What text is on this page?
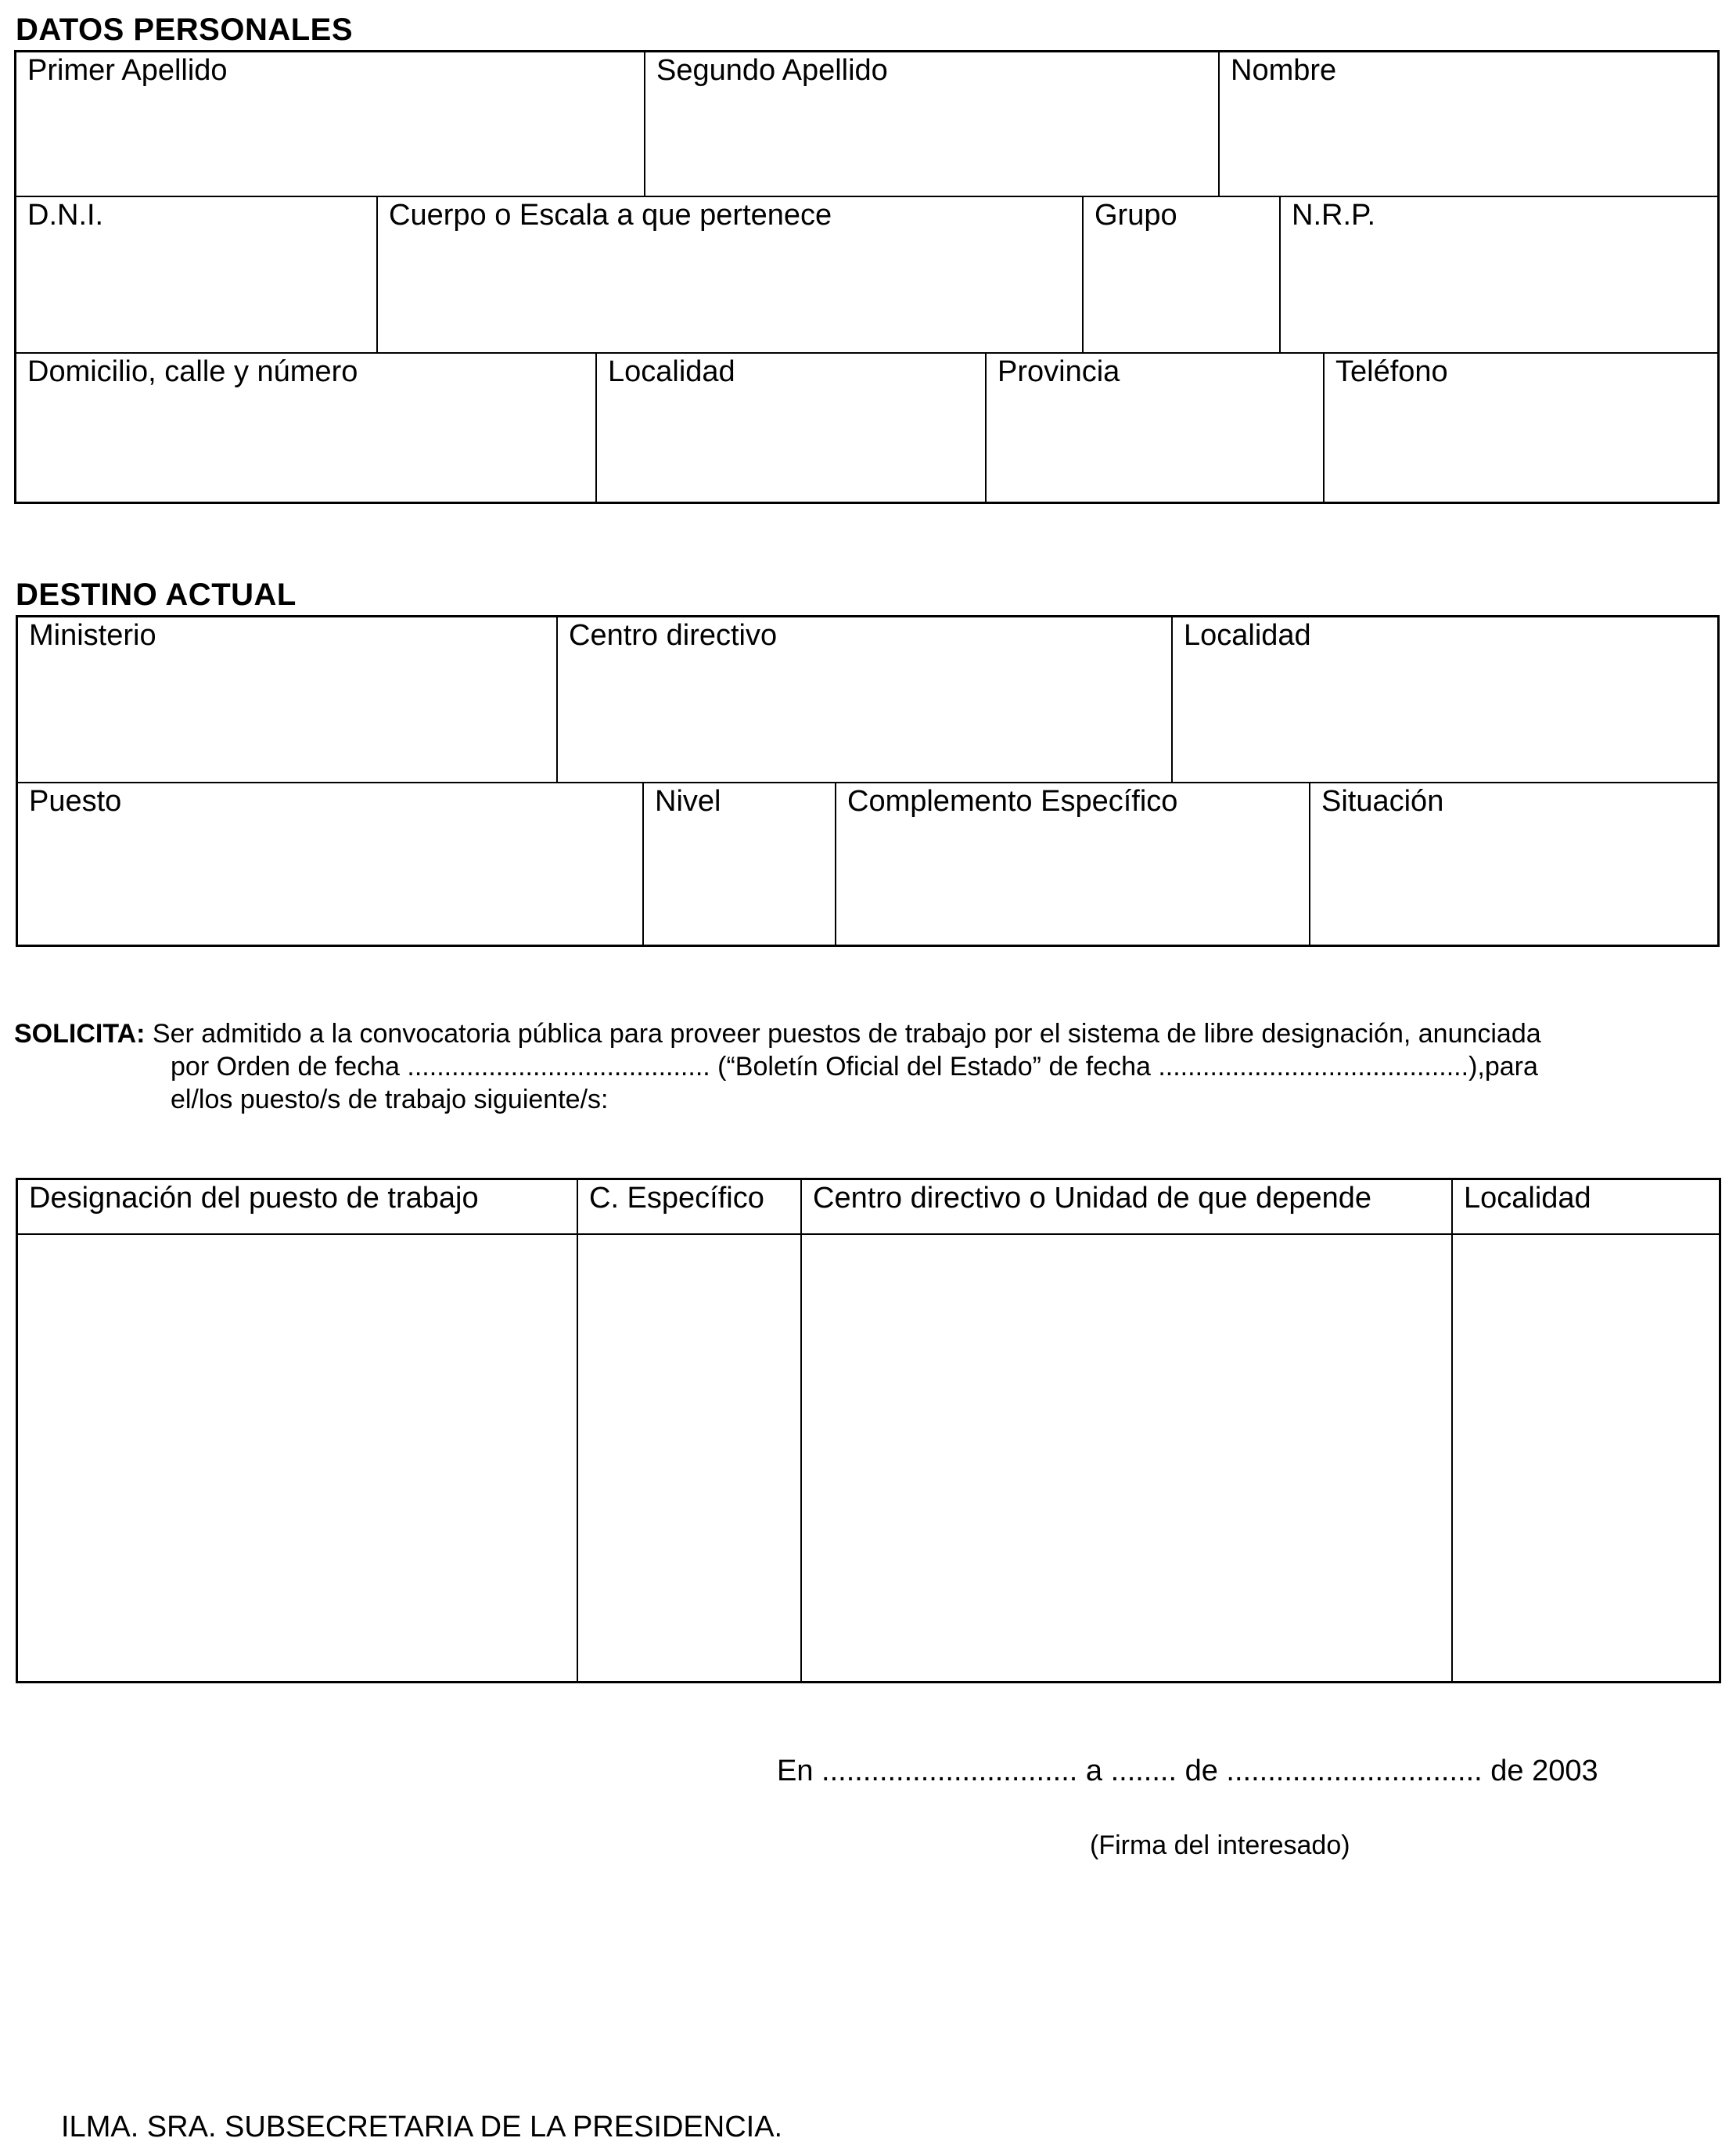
DATOS PERSONALES
Primer Apellido	Segundo Apellido	Nombre
D.N.I.	Cuerpo o Escala a que pertenece	Grupo	N.R.P.
Domicilio, calle y número	Localidad	Provincia	Teléfono
DESTINO ACTUAL
Ministerio	Centro directivo	Localidad
Puesto	Nivel	Complemento Específico	Situación
SOLICITA: Ser admitido a la convocatoria pública para proveer puestos de trabajo por el sistema de libre designación, anunciada
por Orden de fecha ......................................... (“Boletín Oficial del Estado” de fecha ..........................................),para
el/los puesto/s de trabajo siguiente/s:
Designación del puesto de trabajo	C. Específico	Centro directivo o Unidad de que depende	Localidad
En ............................... a ........ de ............................... de 2003
(Firma del interesado)
ILMA. SRA. SUBSECRETARIA DE LA PRESIDENCIA.
